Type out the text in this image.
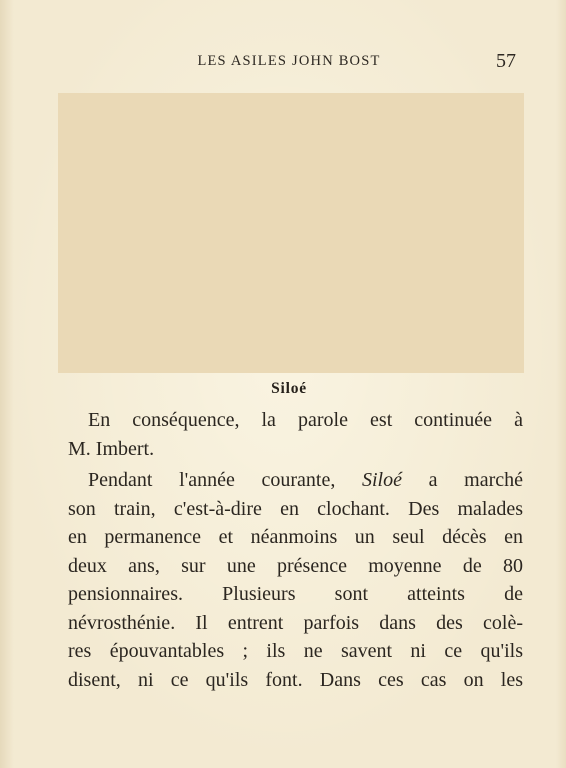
LES ASILES JOHN BOST	57
Siloé
En conséquence, la parole est continuée à
M. Imbert.
Pendant l'année courante, Siloé a marché
son train, c'est-à-dire en clochant. Des malades
en permanence et néanmoins un seul décès en
deux ans, sur une présence moyenne de 80
pensionnaires. Plusieurs sont atteints de
névrosthénie. Il entrent parfois dans des colè-
res épouvantables ; ils ne savent ni ce qu'ils
disent, ni ce qu'ils font. Dans ces cas on les
